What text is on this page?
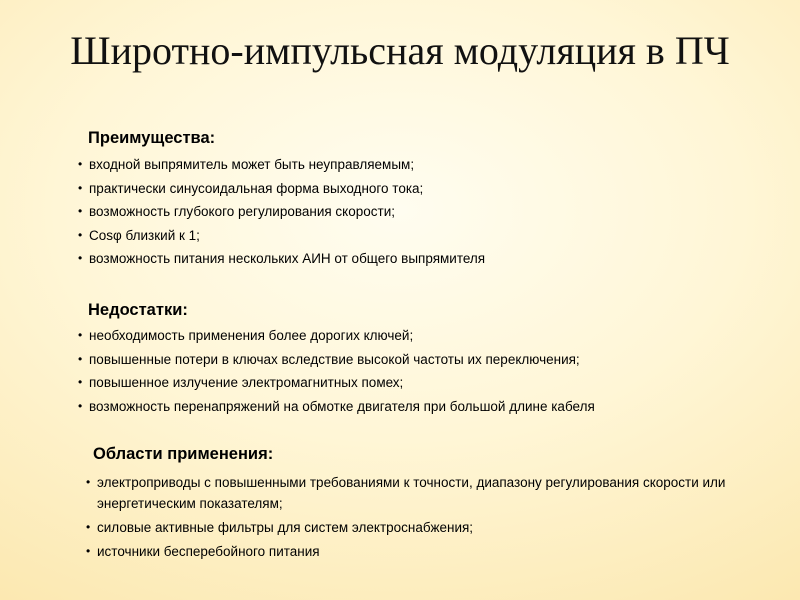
Широтно-импульсная модуляция в ПЧ
Преимущества:
• входной выпрямитель может быть неуправляемым;
• практически синусоидальная форма выходного тока;
• возможность глубокого регулирования скорости;
• Cosφ близкий к 1;
• возможность питания нескольких АИН от общего выпрямителя
Недостатки:
• необходимость применения более дорогих ключей;
• повышенные потери в ключах вследствие высокой частоты их переключения;
• повышенное излучение электромагнитных помех;
• возможность перенапряжений на обмотке двигателя при большой длине кабеля
Области применения:
• электроприводы с повышенными требованиями к точности, диапазону регулирования скорости или энергетическим показателям;
• силовые активные фильтры для систем электроснабжения;
• источники бесперебойного питания
